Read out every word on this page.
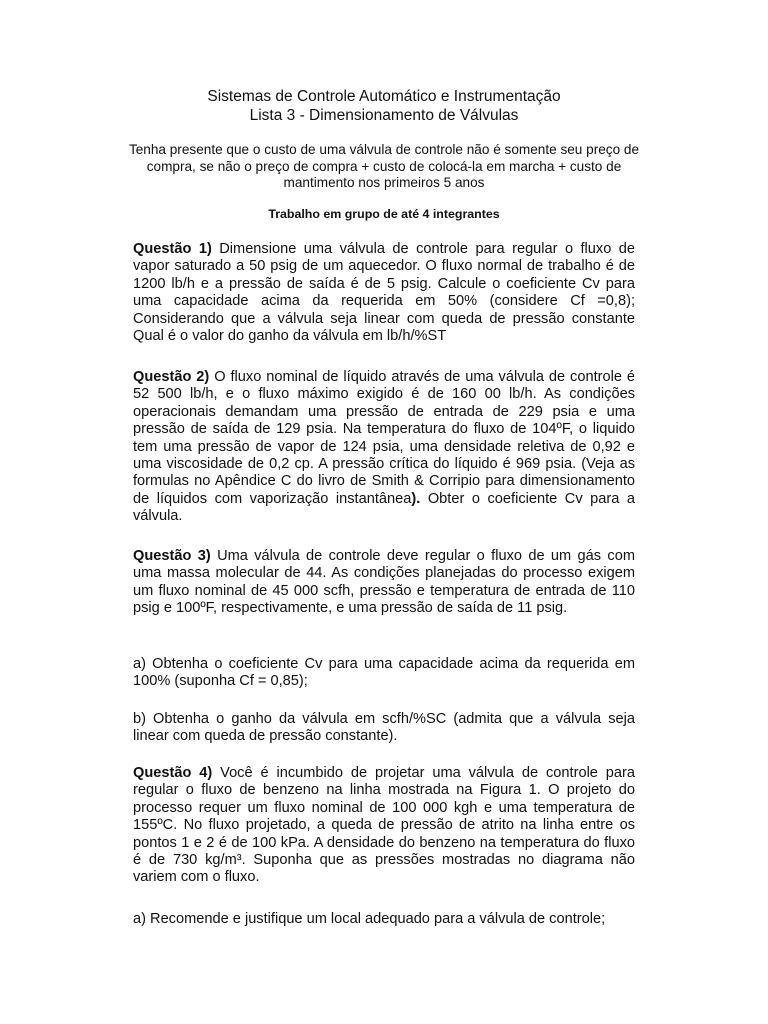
Sistemas de Controle Automático e Instrumentação
Lista 3 - Dimensionamento de Válvulas
Tenha presente que o custo de uma válvula de controle não é somente seu preço de compra, se não o preço de compra + custo de colocá-la em marcha + custo de mantimento nos primeiros 5 anos
Trabalho em grupo de até 4 integrantes
Questão 1) Dimensione uma válvula de controle para regular o fluxo de vapor saturado a 50 psig de um aquecedor. O fluxo normal de trabalho é de 1200 lb/h e a pressão de saída é de 5 psig. Calcule o coeficiente Cv para uma capacidade acima da requerida em 50% (considere Cf =0,8); Considerando que a válvula seja linear com queda de pressão constante Qual é o valor do ganho da válvula em lb/h/%ST
Questão 2) O fluxo nominal de líquido através de uma válvula de controle é 52 500 lb/h, e o fluxo máximo exigido é de 160 00 lb/h. As condições operacionais demandam uma pressão de entrada de 229 psia e uma pressão de saída de 129 psia. Na temperatura do fluxo de 104ºF, o liquido tem uma pressão de vapor de 124 psia, uma densidade reletiva de 0,92 e uma viscosidade de 0,2 cp. A pressão crítica do líquido é 969 psia. (Veja as formulas no Apêndice C do livro de Smith & Corripio para dimensionamento de líquidos com vaporização instantânea). Obter o coeficiente Cv para a válvula.
Questão 3) Uma válvula de controle deve regular o fluxo de um gás com uma massa molecular de 44. As condições planejadas do processo exigem um fluxo nominal de 45 000 scfh, pressão e temperatura de entrada de 110 psig e 100ºF, respectivamente, e uma pressão de saída de 11 psig.
a) Obtenha o coeficiente Cv para uma capacidade acima da requerida em 100% (suponha Cf = 0,85);
b) Obtenha o ganho da válvula em scfh/%SC (admita que a válvula seja linear com queda de pressão constante).
Questão 4) Você é incumbido de projetar uma válvula de controle para regular o fluxo de benzeno na linha mostrada na Figura 1. O projeto do processo requer um fluxo nominal de 100 000 kgh e uma temperatura de 155ºC. No fluxo projetado, a queda de pressão de atrito na linha entre os pontos 1 e 2 é de 100 kPa. A densidade do benzeno na temperatura do fluxo é de 730 kg/m³. Suponha que as pressões mostradas no diagrama não variem com o fluxo.
a) Recomende e justifique um local adequado para a válvula de controle;
